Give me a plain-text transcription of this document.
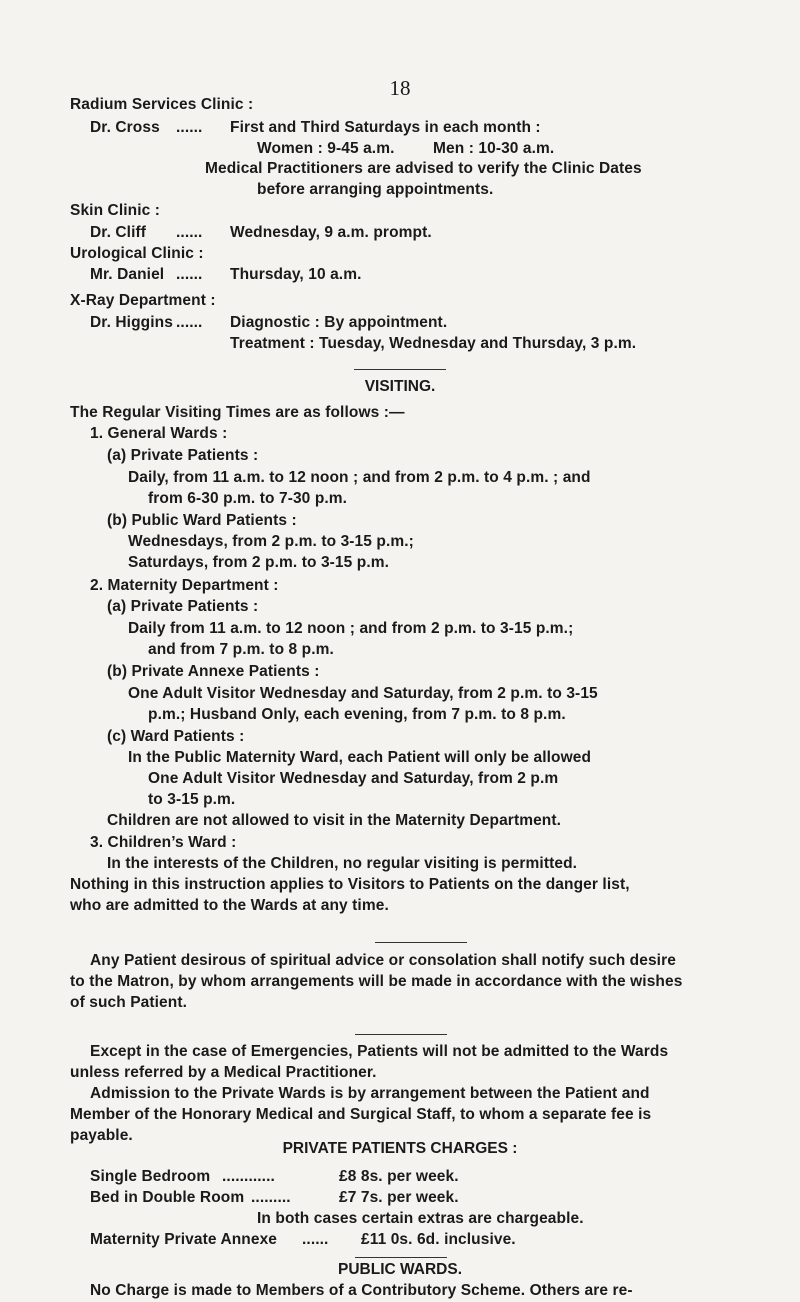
18
Radium Services Clinic :
Dr. Cross ...... First and Third Saturdays in each month :
Women : 9-45 a.m. Men : 10-30 a.m.
Medical Practitioners are advised to verify the Clinic Dates
before arranging appointments.
Skin Clinic :
Dr. Cliff ...... Wednesday, 9 a.m. prompt.
Urological Clinic :
Mr. Daniel ...... Thursday, 10 a.m.
X-Ray Department :
Dr. Higgins ...... Diagnostic : By appointment.
Treatment : Tuesday, Wednesday and Thursday, 3 p.m.
VISITING.
The Regular Visiting Times are as follows :—
1. General Wards :
(a) Private Patients :
Daily, from 11 a.m. to 12 noon ; and from 2 p.m. to 4 p.m. ; and
from 6-30 p.m. to 7-30 p.m.
(b) Public Ward Patients :
Wednesdays, from 2 p.m. to 3-15 p.m.;
Saturdays, from 2 p.m. to 3-15 p.m.
2. Maternity Department :
(a) Private Patients :
Daily from 11 a.m. to 12 noon ; and from 2 p.m. to 3-15 p.m.;
and from 7 p.m. to 8 p.m.
(b) Private Annexe Patients :
One Adult Visitor Wednesday and Saturday, from 2 p.m. to 3-15
p.m.; Husband Only, each evening, from 7 p.m. to 8 p.m.
(c) Ward Patients :
In the Public Maternity Ward, each Patient will only be allowed
One Adult Visitor Wednesday and Saturday, from 2 p.m
to 3-15 p.m.
Children are not allowed to visit in the Maternity Department.
3. Children’s Ward :
In the interests of the Children, no regular visiting is permitted.
Nothing in this instruction applies to Visitors to Patients on the danger list,
who are admitted to the Wards at any time.
Any Patient desirous of spiritual advice or consolation shall notify such desire
to the Matron, by whom arrangements will be made in accordance with the wishes
of such Patient.
Except in the case of Emergencies, Patients will not be admitted to the Wards
unless referred by a Medical Practitioner.
Admission to the Private Wards is by arrangement between the Patient and
Member of the Honorary Medical and Surgical Staff, to whom a separate fee is
payable.
PRIVATE PATIENTS CHARGES :
Single Bedroom ............	£8 8s. per week.
Bed in Double Room .........	£7 7s. per week.
In both cases certain extras are chargeable.
Maternity Private Annexe ...... £11 0s. 6d. inclusive.
PUBLIC WARDS.
No Charge is made to Members of a Contributory Scheme. Others are re-
